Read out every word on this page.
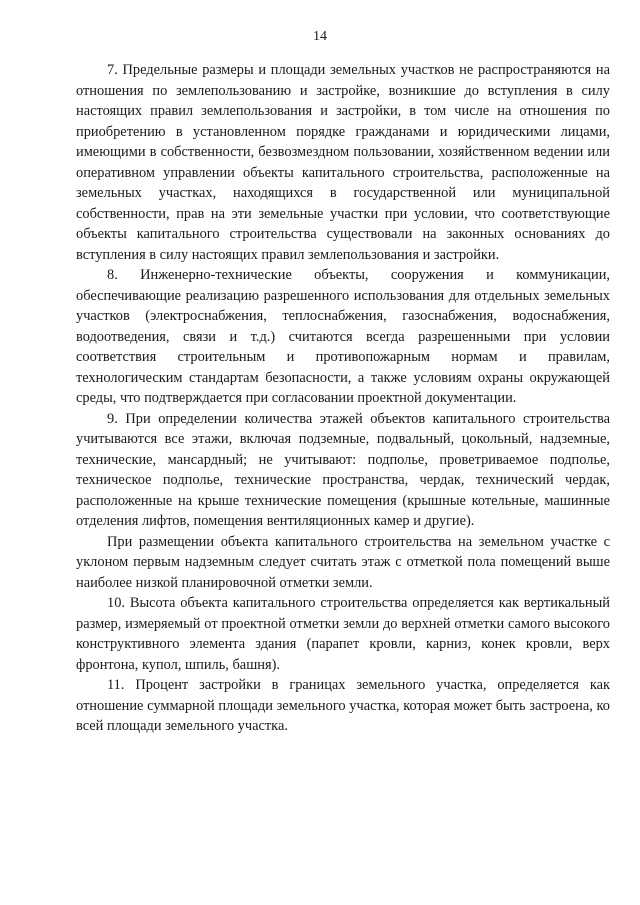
14

7. Предельные размеры и площади земельных участков не распространяются на отношения по землепользованию и застройке, возникшие до вступления в силу настоящих правил землепользования и застройки, в том числе на отношения по приобретению в установленном порядке гражданами и юридическими лицами, имеющими в собственности, безвозмездном пользовании, хозяйственном ведении или оперативном управлении объекты капитального строительства, расположенные на земельных участках, находящихся в государственной или муниципальной собственности, прав на эти земельные участки при условии, что соответствующие объекты капитального строительства существовали на законных основаниях до вступления в силу настоящих правил землепользования и застройки.

8. Инженерно-технические объекты, сооружения и коммуникации, обеспечивающие реализацию разрешенного использования для отдельных земельных участков (электроснабжения, теплоснабжения, газоснабжения, водоснабжения, водоотведения, связи и т.д.) считаются всегда разрешенными при условии соответствия строительным и противопожарным нормам и правилам, технологическим стандартам безопасности, а также условиям охраны окружающей среды, что подтверждается при согласовании проектной документации.

9. При определении количества этажей объектов капитального строительства учитываются все этажи, включая подземные, подвальный, цокольный, надземные, технические, мансардный; не учитывают: подполье, проветриваемое подполье, техническое подполье, технические пространства, чердак, технический чердак, расположенные на крыше технические помещения (крышные котельные, машинные отделения лифтов, помещения вентиляционных камер и другие).

При размещении объекта капитального строительства на земельном участке с уклоном первым надземным следует считать этаж с отметкой пола помещений выше наиболее низкой планировочной отметки земли.

10. Высота объекта капитального строительства определяется как вертикальный размер, измеряемый от проектной отметки земли до верхней отметки самого высокого конструктивного элемента здания (парапет кровли, карниз, конек кровли, верх фронтона, купол, шпиль, башня).

11. Процент застройки в границах земельного участка, определяется как отношение суммарной площади земельного участка, которая может быть застроена, ко всей площади земельного участка.
